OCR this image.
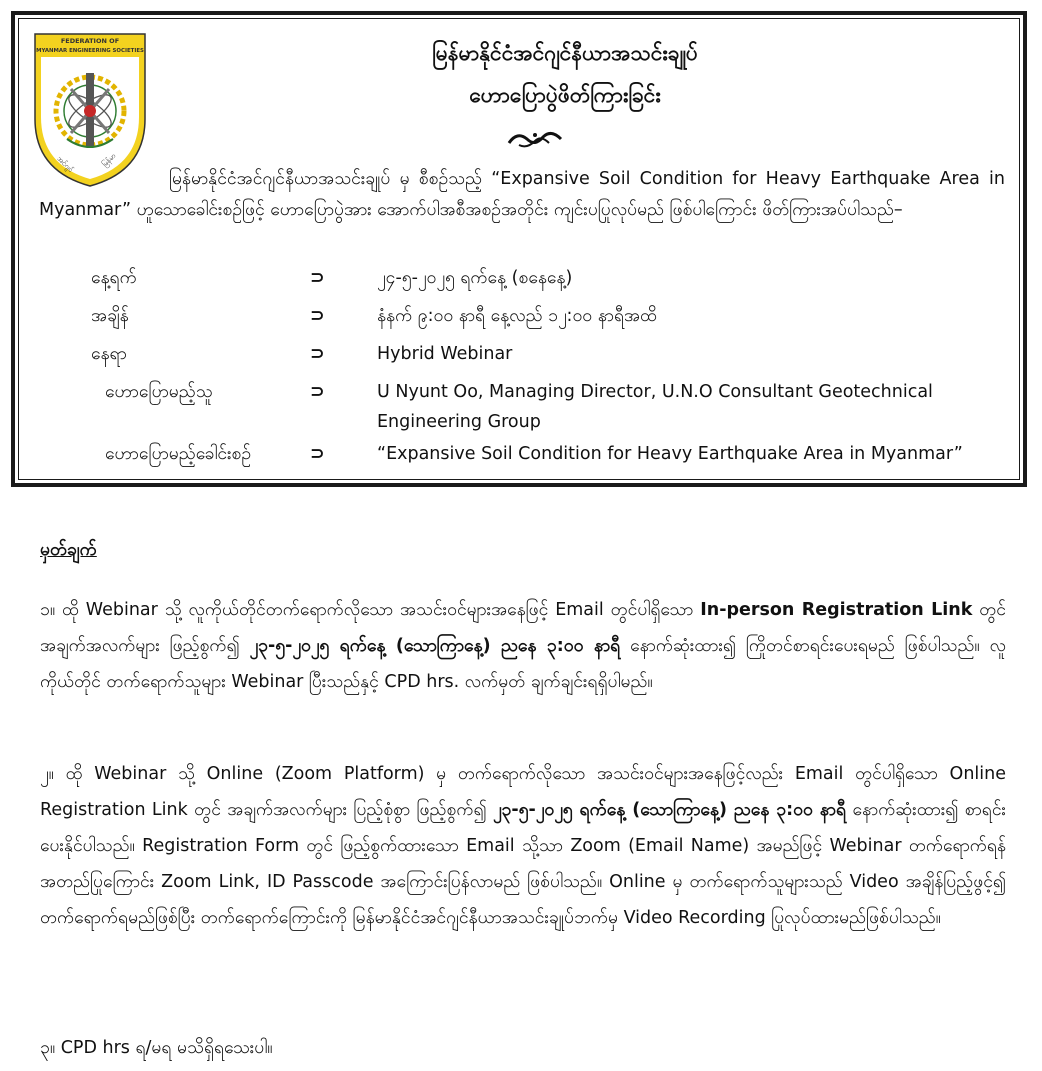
FEDERATION OF
MYANMAR ENGINEERING SOCIETIES
အင်ဂျင်	မြန်မာ

မြန်မာနိုင်ငံအင်ဂျင်နီယာအသင်းချုပ်

ဟောပြောပွဲဖိတ်ကြားခြင်း

မြန်မာနိုင်ငံအင်ဂျင်နီယာအသင်းချုပ် မှ စီစဉ်သည့် “Expansive Soil Condition for Heavy Earthquake Area in Myanmar” ဟူသောခေါင်းစဉ်ဖြင့် ဟောပြောပွဲအား အောက်ပါအစီအစဉ်အတိုင်း ကျင်းပပြုလုပ်မည် ဖြစ်ပါကြောင်း ဖိတ်ကြားအပ်ပါသည်–

နေ့ရက်	⊃	၂၄-၅-၂၀၂၅ ရက်နေ့ (စနေနေ့)
အချိန်	⊃	နံနက် ၉:၀၀ နာရီ နေ့လည် ၁၂:၀၀ နာရီအထိ
နေရာ	⊃	Hybrid Webinar
ဟောပြောမည့်သူ	⊃	U Nyunt Oo, Managing Director, U.N.O Consultant Geotechnical Engineering Group
ဟောပြောမည့်ခေါင်းစဉ်	⊃	“Expansive Soil Condition for Heavy Earthquake Area in Myanmar”

မှတ်ချက်

၁။ ထို Webinar သို့ လူကိုယ်တိုင်တက်ရောက်လိုသော အသင်းဝင်များအနေဖြင့် Email တွင်ပါရှိသော In-person Registration Link တွင် အချက်အလက်များ ဖြည့်စွက်၍ ၂၃-၅-၂၀၂၅ ရက်နေ့ (သောကြာနေ့) ညနေ ၃:၀၀ နာရီ နောက်ဆုံးထား၍ ကြိုတင်စာရင်းပေးရမည် ဖြစ်ပါသည်။ လူကိုယ်တိုင် တက်ရောက်သူများ Webinar ပြီးသည်နှင့် CPD hrs. လက်မှတ် ချက်ချင်းရရှိပါမည်။

၂။ ထို Webinar သို့ Online (Zoom Platform) မှ တက်ရောက်လိုသော အသင်းဝင်များအနေဖြင့်လည်း Email တွင်ပါရှိသော Online Registration Link တွင် အချက်အလက်များ ပြည့်စုံစွာ ဖြည့်စွက်၍ ၂၃-၅-၂၀၂၅ ရက်နေ့ (သောကြာနေ့) ညနေ ၃:၀၀ နာရီ နောက်ဆုံးထား၍ စာရင်းပေးနိုင်ပါသည်။ Registration Form တွင် ဖြည့်စွက်ထားသော Email သို့သာ Zoom (Email Name) အမည်ဖြင့် Webinar တက်ရောက်ရန် အတည်ပြုကြောင်း Zoom Link, ID Passcode အကြောင်းပြန်လာမည် ဖြစ်ပါသည်။ Online မှ တက်ရောက်သူများသည် Video အချိန်ပြည့်ဖွင့်၍ တက်ရောက်ရမည်ဖြစ်ပြီး တက်ရောက်ကြောင်းကို မြန်မာနိုင်ငံအင်ဂျင်နီယာအသင်းချုပ်ဘက်မှ Video Recording ပြုလုပ်ထားမည်ဖြစ်ပါသည်။

၃။ CPD hrs ရ/မရ မသိရှိရသေးပါ။
